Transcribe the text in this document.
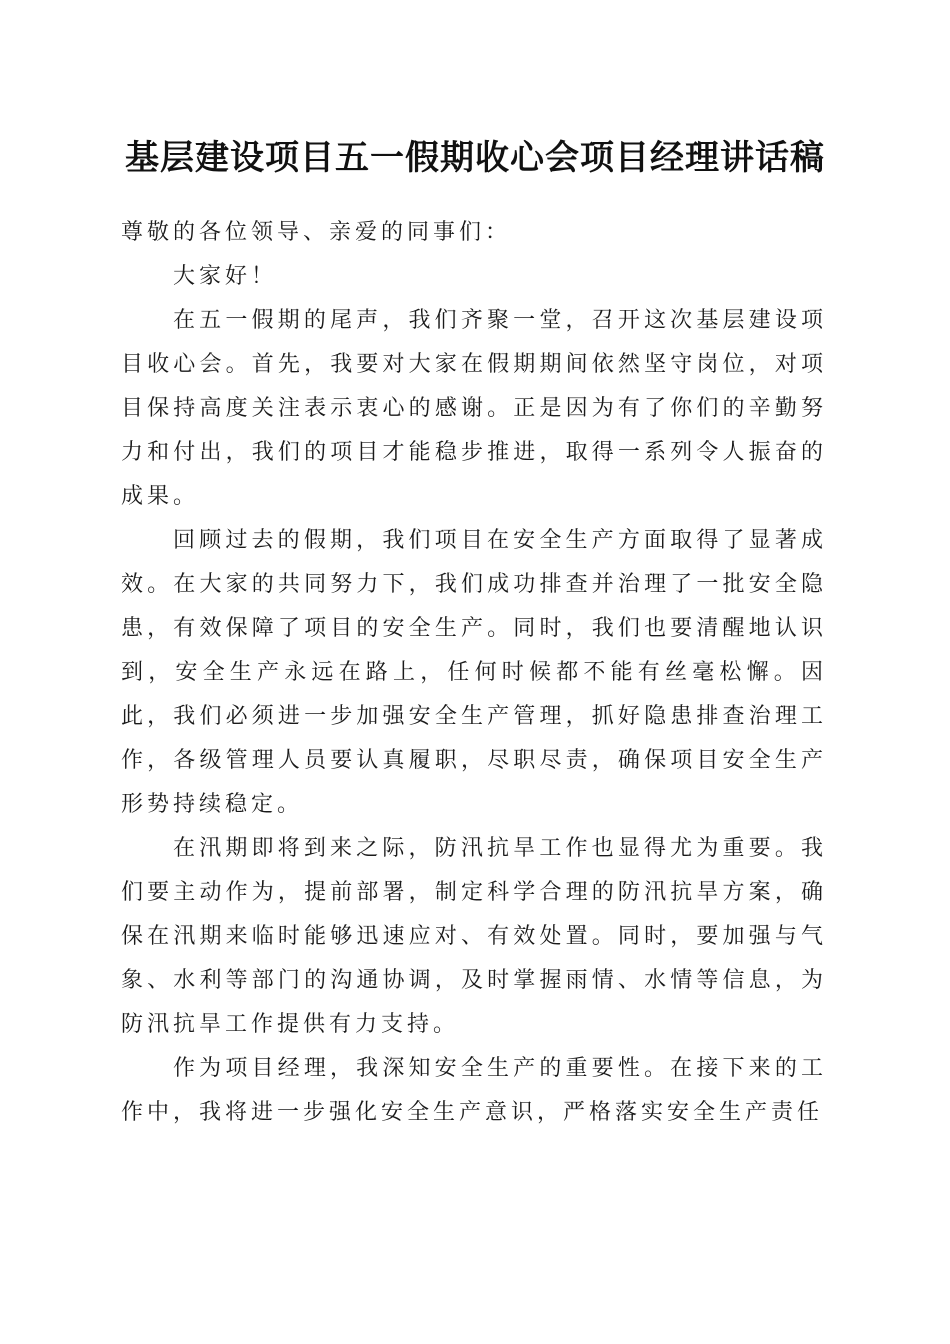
基层建设项目五一假期收心会项目经理讲话稿

尊敬的各位领导、亲爱的同事们：

大家好！

在五一假期的尾声，我们齐聚一堂，召开这次基层建设项目收心会。首先，我要对大家在假期期间依然坚守岗位，对项目保持高度关注表示衷心的感谢。正是因为有了你们的辛勤努力和付出，我们的项目才能稳步推进，取得一系列令人振奋的成果。

回顾过去的假期，我们项目在安全生产方面取得了显著成效。在大家的共同努力下，我们成功排查并治理了一批安全隐患，有效保障了项目的安全生产。同时，我们也要清醒地认识到，安全生产永远在路上，任何时候都不能有丝毫松懈。因此，我们必须进一步加强安全生产管理，抓好隐患排查治理工作，各级管理人员要认真履职，尽职尽责，确保项目安全生产形势持续稳定。

在汛期即将到来之际，防汛抗旱工作也显得尤为重要。我们要主动作为，提前部署，制定科学合理的防汛抗旱方案，确保在汛期来临时能够迅速应对、有效处置。同时，要加强与气象、水利等部门的沟通协调，及时掌握雨情、水情等信息，为防汛抗旱工作提供有力支持。

作为项目经理，我深知安全生产的重要性。在接下来的工作中，我将进一步强化安全生产意识，严格落实安全生产责任
